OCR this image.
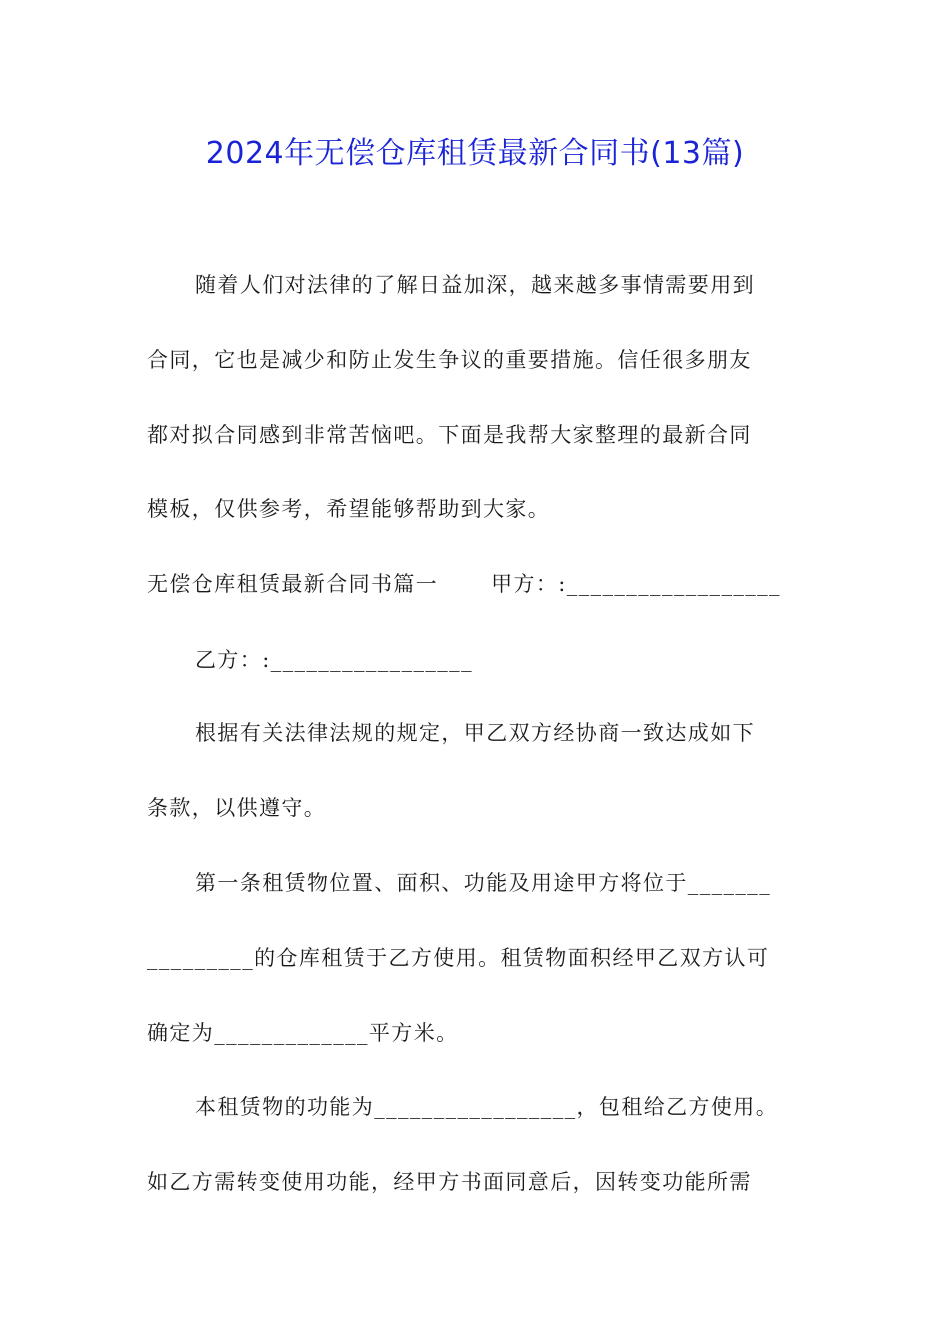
2024年无偿仓库租赁最新合同书(13篇)
随着人们对法律的了解日益加深，越来越多事情需要用到
合同，它也是减少和防止发生争议的重要措施。信任很多朋友
都对拟合同感到非常苦恼吧。下面是我帮大家整理的最新合同
模板，仅供参考，希望能够帮助到大家。
无偿仓库租赁最新合同书篇一　　 甲方：:__________________
乙方：:_________________
根据有关法律法规的规定，甲乙双方经协商一致达成如下
条款，以供遵守。
第一条租赁物位置、面积、功能及用途甲方将位于_______
_________的仓库租赁于乙方使用。租赁物面积经甲乙双方认可
确定为_____________平方米。
本租赁物的功能为_________________，包租给乙方使用。
如乙方需转变使用功能，经甲方书面同意后，因转变功能所需
